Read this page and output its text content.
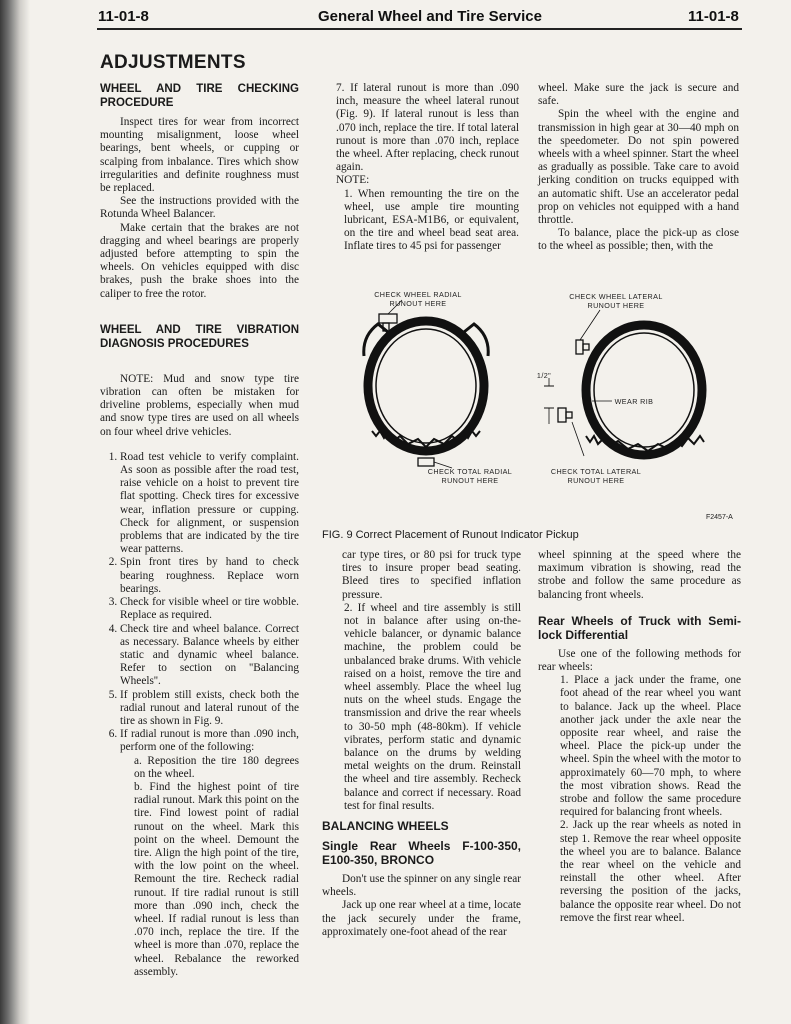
11-01-8	General Wheel and Tire Service	11-01-8
ADJUSTMENTS
WHEEL AND TIRE CHECKING PROCEDURE

Inspect tires for wear from incorrect mounting misalignment, loose wheel bearings, bent wheels, or cupping or scalping from inbalance. Tires which show irregularities and definite roughness must be replaced.

See the instructions provided with the Rotunda Wheel Balancer.

Make certain that the brakes are not dragging and wheel bearings are properly adjusted before attempting to spin the wheels. On vehicles equipped with disc brakes, push the brake shoes into the caliper to free the rotor.

WHEEL AND TIRE VIBRATION DIAGNOSIS PROCEDURES

NOTE: Mud and snow type tire vibration can often be mistaken for driveline problems, especially when mud and snow type tires are used on all wheels on four wheel drive vehicles.

1. Road test vehicle to verify complaint. As soon as possible after the road test, raise vehicle on a hoist to prevent tire flat spotting. Check tires for excessive wear, inflation pressure or cupping. Check for alignment, or suspension problems that are indicated by the tire wear patterns.
2. Spin front tires by hand to check bearing roughness. Replace worn bearings.
3. Check for visible wheel or tire wobble. Replace as required.
4. Check tire and wheel balance. Correct as necessary. Balance wheels by either static and dynamic wheel balance. Refer to section on ''Balancing Wheels''.
5. If problem still exists, check both the radial runout and lateral runout of the tire as shown in Fig. 9.
6. If radial runout is more than .090 inch, perform one of the following:

a. Reposition the tire 180 degrees on the wheel.

b. Find the highest point of tire radial runout. Mark this point on the tire. Find lowest point of radial runout on the wheel. Mark this point on the wheel. Demount the tire. Align the high point of the tire, with the low point on the wheel. Remount the tire. Recheck radial runout. If tire radial runout is still more than .090 inch, check the wheel. If radial runout is less than .070 inch, replace the tire. If the wheel is more than .070, replace the wheel. Rebalance the reworked assembly.

7. If lateral runout is more than .090 inch, measure the wheel lateral runout (Fig. 9). If lateral runout is less than .070 inch, replace the tire. If total lateral runout is more than .070 inch, replace the wheel. After replacing, check runout again.

NOTE:

1. When remounting the tire on the wheel, use ample tire mounting lubricant, ESA-M1B6, or equivalent, on the tire and wheel bead seat area. Inflate tires to 45 psi for passenger

wheel. Make sure the jack is secure and safe.

Spin the wheel with the engine and transmission in high gear at 30—40 mph on the speedometer. Do not spin powered wheels with a wheel spinner. Start the wheel as gradually as possible. Take care to avoid jerking condition on trucks equipped with an automatic shift. Use an accelerator pedal prop on vehicles not equipped with a hand throttle.

To balance, place the pick-up as close to the wheel as possible; then, with the

CHECK WHEEL RADIAL RUNOUT HERE
CHECK WHEEL LATERAL RUNOUT HERE
CHECK TOTAL RADIAL RUNOUT HERE
CHECK TOTAL LATERAL RUNOUT HERE
1/2"
WEAR RIB
F2457-A
FIG. 9 Correct Placement of Runout Indicator Pickup

car type tires, or 80 psi for truck type tires to insure proper bead seating. Bleed tires to specified inflation pressure.

2. If wheel and tire assembly is still not in balance after using on-the-vehicle balancer, or dynamic balance machine, the problem could be unbalanced brake drums. With vehicle raised on a hoist, remove the tire and wheel assembly. Place the wheel lug nuts on the wheel studs. Engage the transmission and drive the rear wheels to 30-50 mph (48-80km). If vehicle vibrates, perform static and dynamic balance on the drums by welding metal weights on the drum. Reinstall the wheel and tire assembly. Recheck balance and correct if necessary. Road test for final results.

BALANCING WHEELS
Single Rear Wheels F-100-350, E100-350, BRONCO

Don't use the spinner on any single rear wheels.

Jack up one rear wheel at a time, locate the jack securely under the frame, approximately one-foot ahead of the rear

wheel spinning at the speed where the maximum vibration is showing, read the strobe and follow the same procedure as balancing front wheels.

Rear Wheels of Truck with Semi-lock Differential

Use one of the following methods for rear wheels:

1. Place a jack under the frame, one foot ahead of the rear wheel you want to balance. Jack up the wheel. Place another jack under the axle near the opposite rear wheel, and raise the wheel. Place the pick-up under the wheel. Spin the wheel with the motor to approximately 60—70 mph, to where the most vibration shows. Read the strobe and follow the same procedure required for balancing front wheels.

2. Jack up the rear wheels as noted in step 1. Remove the rear wheel opposite the wheel you are to balance. Balance the rear wheel on the vehicle and reinstall the other wheel. After reversing the position of the jacks, balance the opposite rear wheel. Do not remove the first rear wheel.
